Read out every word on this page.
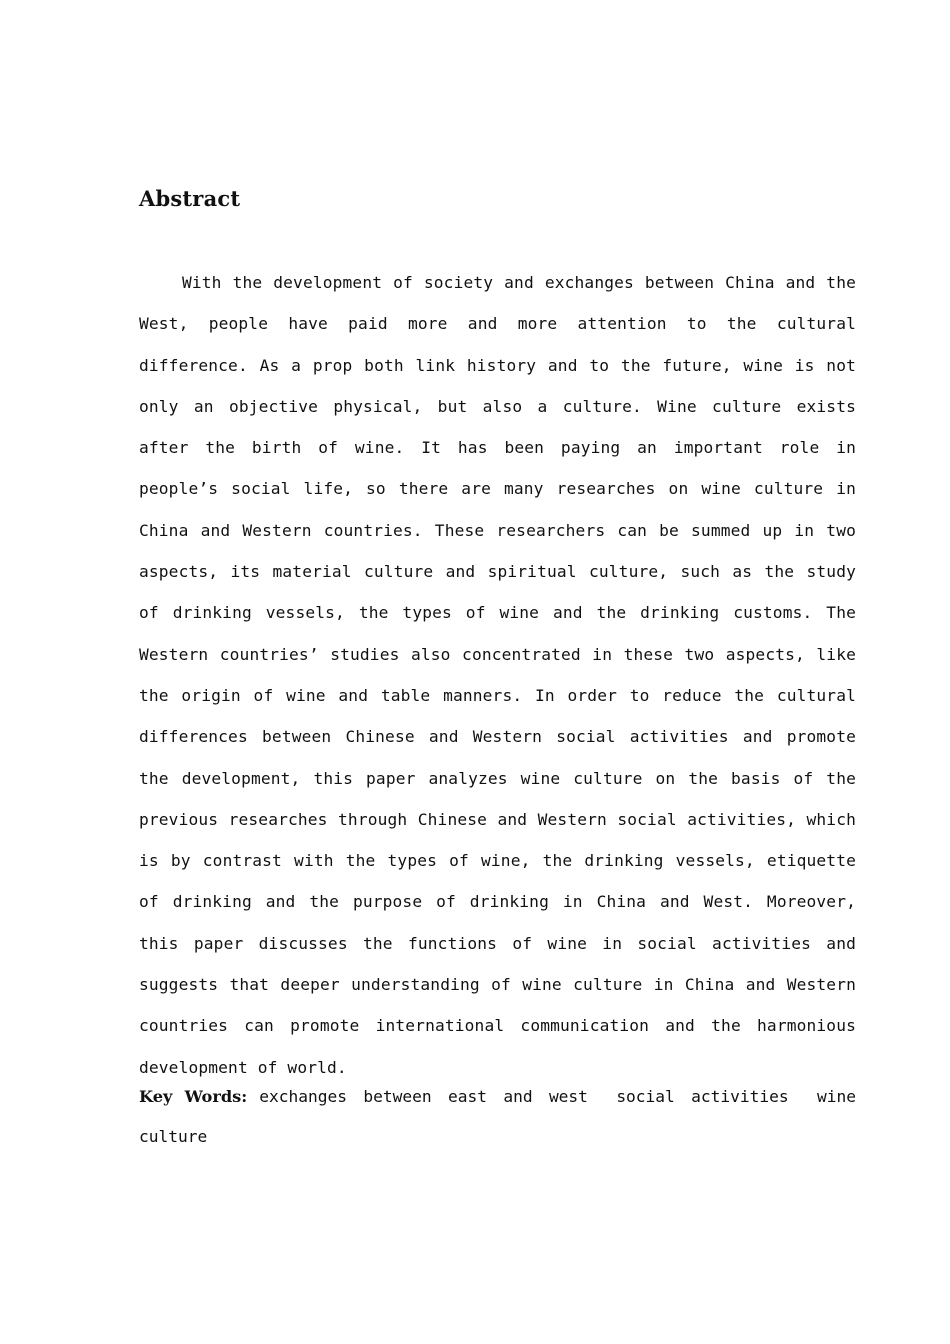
Abstract

With the development of society and exchanges between China and the West, people have paid more and more attention to the cultural difference. As a prop both link history and to the future, wine is not only an objective physical, but also a culture. Wine culture exists after the birth of wine. It has been paying an important role in people’s social life, so there are many researches on wine culture in China and Western countries. These researchers can be summed up in two aspects, its material culture and spiritual culture, such as the study of drinking vessels, the types of wine and the drinking customs. The Western countries’ studies also concentrated in these two aspects, like the origin of wine and table manners. In order to reduce the cultural differences between Chinese and Western social activities and promote the development, this paper analyzes wine culture on the basis of the previous researches through Chinese and Western social activities, which is by contrast with the types of wine, the drinking vessels, etiquette of drinking and the purpose of drinking in China and West. Moreover, this paper discusses the functions of wine in social activities and suggests that deeper understanding of wine culture in China and Western countries can promote international communication and the harmonious development of world.

Key Words: exchanges between east and west social activities wine culture
